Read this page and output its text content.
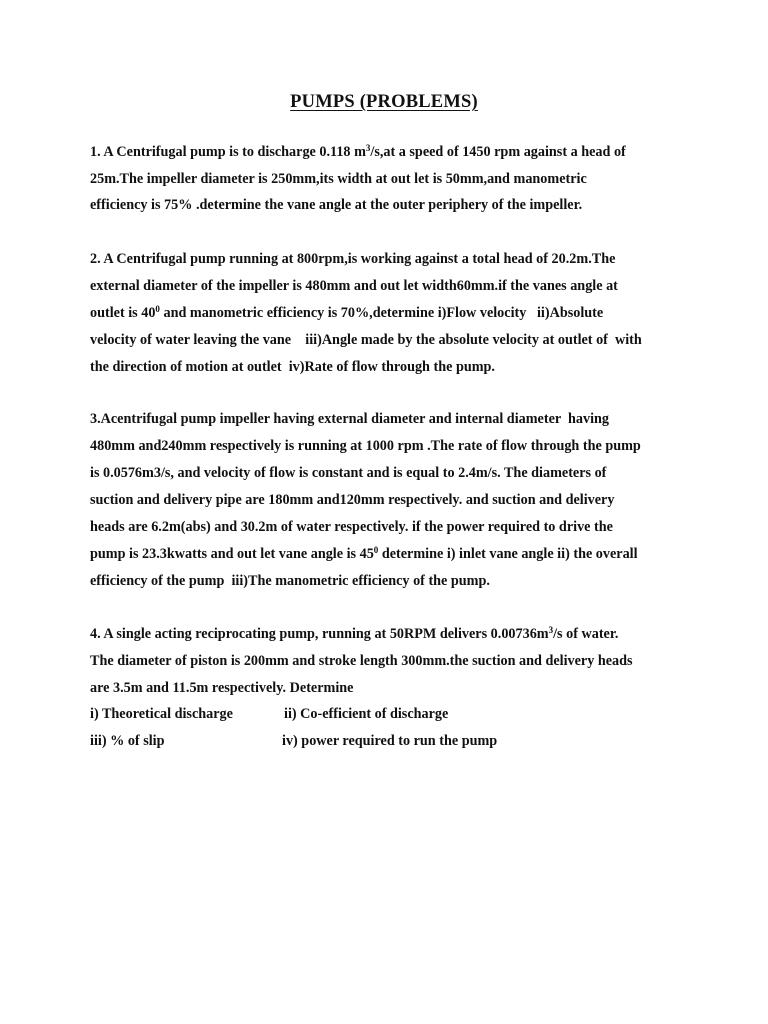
PUMPS (PROBLEMS)
1. A Centrifugal pump is to discharge 0.118 $m^3/s,at$ a speed of 1450 rpm against a head of
25m.The impeller diameter is 250mm,its width at out let is 50mm,and manometric
efficiency is 75% .determine the vane angle at the outer periphery of the impeller.
2. A Centrifugal pump running at 800rpm,is working against a total head of 20.2m.The
external diameter of the impeller is 480mm and out let width60mm.if the vanes angle at
outlet is $40^0$ and manometric efficiency is 70%,determine i)Flow velocity   ii)Absolute
velocity of water leaving the vane    iii)Angle made by the absolute velocity at outlet of  with
the direction of motion at outlet  iv)Rate of flow through the pump.
3.Acentrifugal pump impeller having external diameter and internal diameter  having
480mm and240mm respectively is running at 1000 rpm .The rate of flow through the pump
is 0.0576m3/s, and velocity of flow is constant and is equal to 2.4m/s. The diameters of
suction and delivery pipe are 180mm and120mm respectively. and suction and delivery
heads are 6.2m(abs) and 30.2m of water respectively. if the power required to drive the
pump is 23.3kwatts and out let vane angle is $45^0$ determine i) inlet vane angle ii) the overall
efficiency of the pump  iii)The manometric efficiency of the pump.
4. A single acting reciprocating pump, running at 50RPM delivers $0.00736m^3/s$ of water.
The diameter of piston is 200mm and stroke length 300mm.the suction and delivery heads
are 3.5m and 11.5m respectively. Determine
i) Theoretical discharge	ii) Co-efficient of discharge
iii) % of slip	iv) power required to run the pump
